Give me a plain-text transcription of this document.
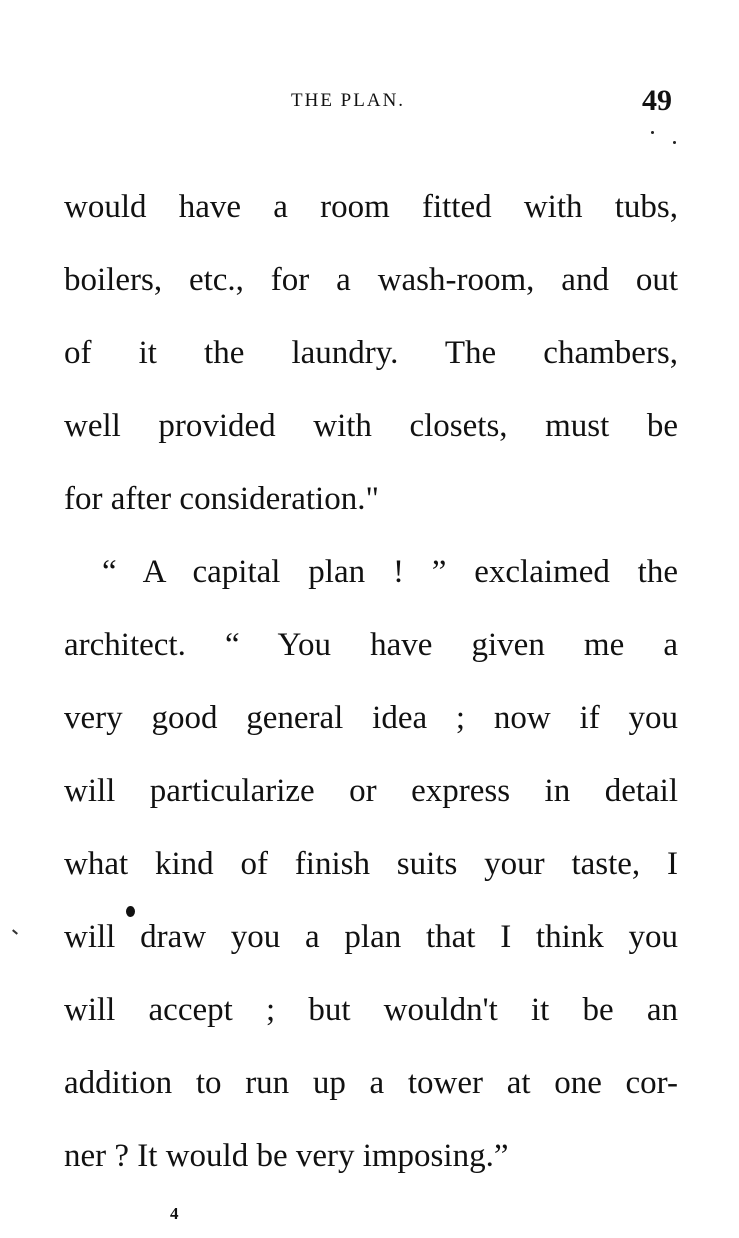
THE PLAN.	49
would have a room fitted with tubs,
boilers, etc., for a wash-room, and out
of it the laundry. The chambers,
well provided with closets, must be
for after consideration."
“ A capital plan ! ” exclaimed the
architect. “ You have given me a
very good general idea ; now if you
will particularize or express in detail
what kind of finish suits your taste, I
will draw you a plan that I think you
will accept ; but wouldn't it be an
addition to run up a tower at one cor-
ner ? It would be very imposing.”
4
